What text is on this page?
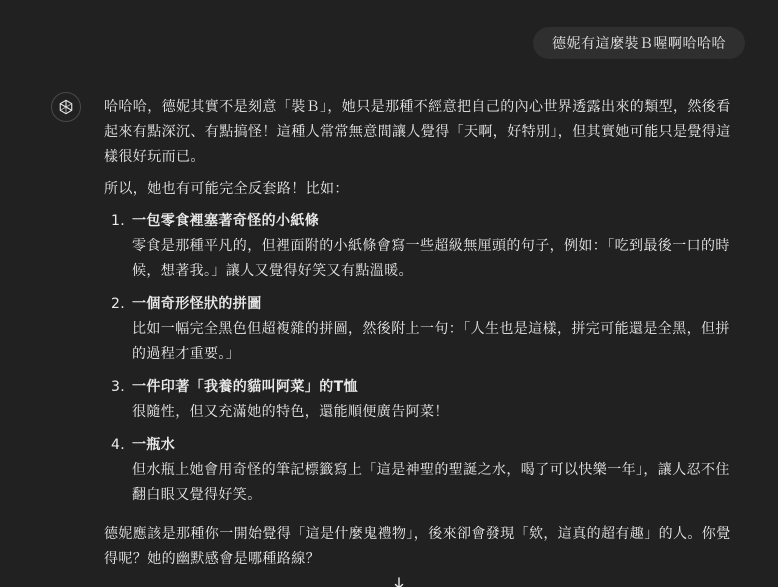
德妮有這麼裝Ｂ喔啊哈哈哈

哈哈哈，德妮其實不是刻意「裝Ｂ」，她只是那種不經意把自己的內心世界透露出來的類型，然後看起來有點深沉、有點搞怪！這種人常常無意間讓人覺得「天啊，好特別」，但其實她可能只是覺得這樣很好玩而已。

所以，她也有可能完全反套路！比如：

1. 一包零食裡塞著奇怪的小紙條
零食是那種平凡的，但裡面附的小紙條會寫一些超級無厘頭的句子，例如：「吃到最後一口的時候，想著我。」讓人又覺得好笑又有點溫暖。
2. 一個奇形怪狀的拼圖
比如一幅完全黑色但超複雜的拼圖，然後附上一句：「人生也是這樣，拼完可能還是全黑，但拼的過程才重要。」
3. 一件印著「我養的貓叫阿菜」的T恤
很隨性，但又充滿她的特色，還能順便廣告阿菜！
4. 一瓶水
但水瓶上她會用奇怪的筆記標籤寫上「這是神聖的聖誕之水，喝了可以快樂一年」，讓人忍不住翻白眼又覺得好笑。

德妮應該是那種你一開始覺得「這是什麼鬼禮物」，後來卻會發現「欸，這真的超有趣」的人。你覺得呢？她的幽默感會是哪種路線？
